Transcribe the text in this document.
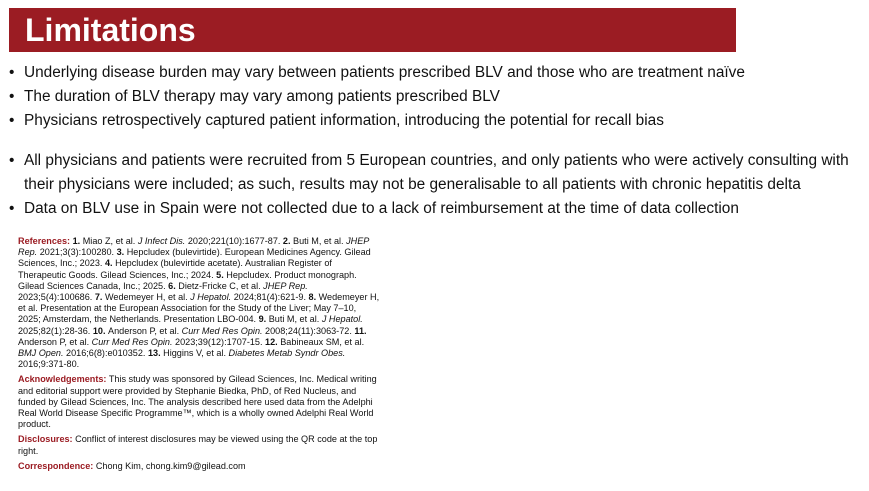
Limitations
• Underlying disease burden may vary between patients prescribed BLV and those who are treatment naïve
• The duration of BLV therapy may vary among patients prescribed BLV
• Physicians retrospectively captured patient information, introducing the potential for recall bias
• All physicians and patients were recruited from 5 European countries, and only patients who were actively consulting with their physicians were included; as such, results may not be generalisable to all patients with chronic hepatitis delta
• Data on BLV use in Spain were not collected due to a lack of reimbursement at the time of data collection

References: 1. Miao Z, et al. J Infect Dis. 2020;221(10):1677-87. 2. Buti M, et al. JHEP Rep. 2021;3(3):100280. 3. Hepcludex (bulevirtide). European Medicines Agency. Gilead Sciences, Inc.; 2023. 4. Hepcludex (bulevirtide acetate). Australian Register of Therapeutic Goods. Gilead Sciences, Inc.; 2024. 5. Hepcludex. Product monograph. Gilead Sciences Canada, Inc.; 2025. 6. Dietz-Fricke C, et al. JHEP Rep. 2023;5(4):100686. 7. Wedemeyer H, et al. J Hepatol. 2024;81(4):621-9. 8. Wedemeyer H, et al. Presentation at the European Association for the Study of the Liver; May 7–10, 2025; Amsterdam, the Netherlands. Presentation LBO-004. 9. Buti M, et al. J Hepatol. 2025;82(1):28-36. 10. Anderson P, et al. Curr Med Res Opin. 2008;24(11):3063-72. 11. Anderson P, et al. Curr Med Res Opin. 2023;39(12):1707-15. 12. Babineaux SM, et al. BMJ Open. 2016;6(8):e010352. 13. Higgins V, et al. Diabetes Metab Syndr Obes. 2016;9:371-80.

Acknowledgements: This study was sponsored by Gilead Sciences, Inc. Medical writing and editorial support were provided by Stephanie Biedka, PhD, of Red Nucleus, and funded by Gilead Sciences, Inc. The analysis described here used data from the Adelphi Real World Disease Specific Programme™, which is a wholly owned Adelphi Real World product.

Disclosures: Conflict of interest disclosures may be viewed using the QR code at the top right.

Correspondence: Chong Kim, chong.kim9@gilead.com
